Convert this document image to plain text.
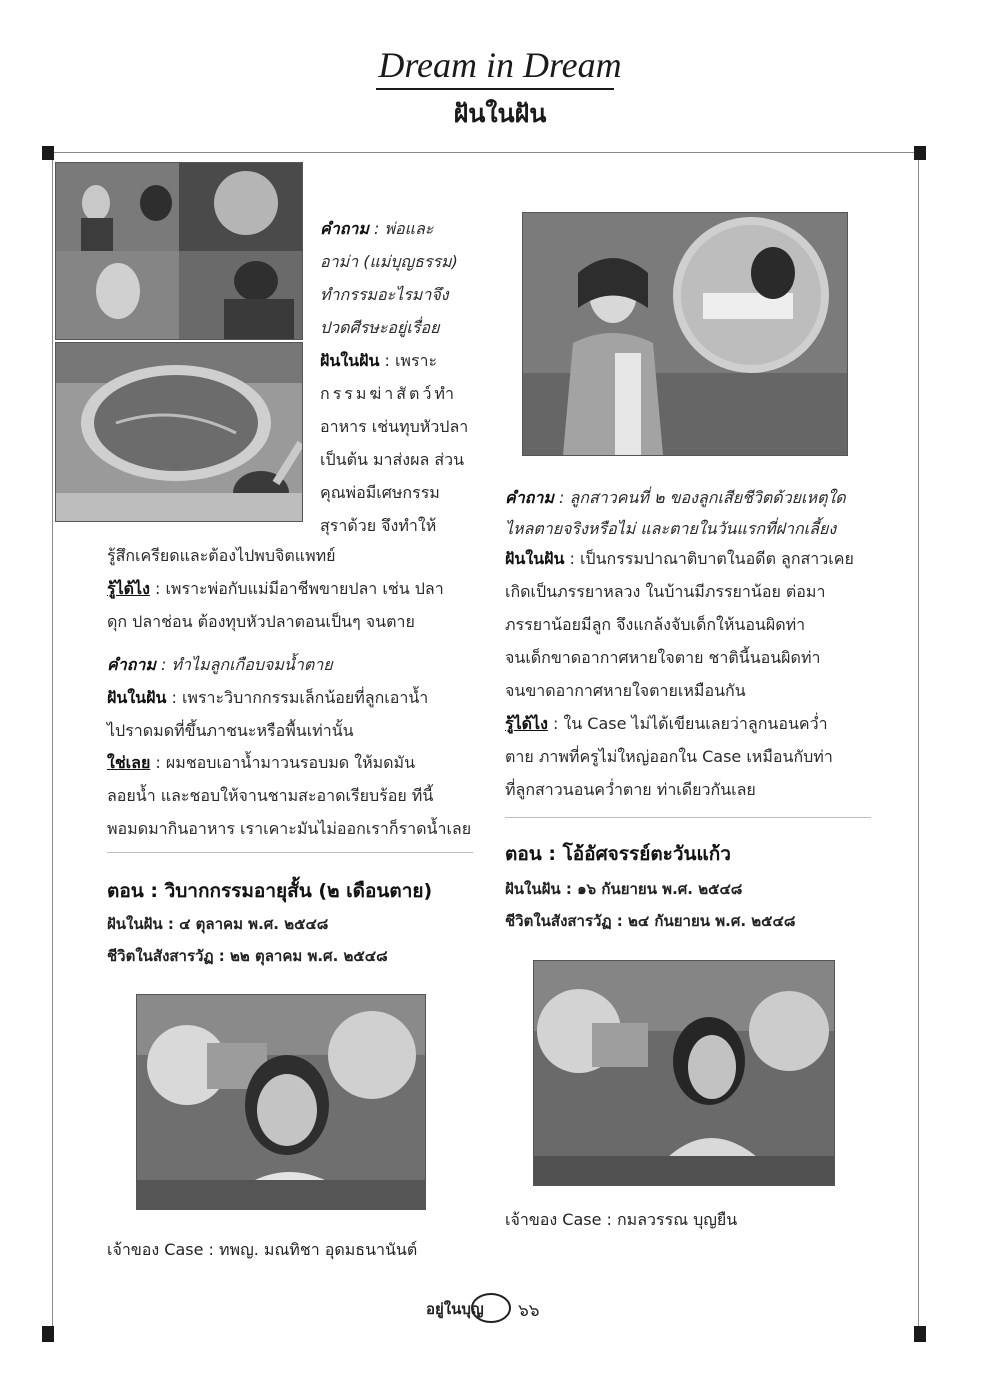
Dream in Dream
ฝันในฝัน
คำถาม : พ่อและ
อาม่า (แม่บุญธรรม)
ทำกรรมอะไรมาจึง
ปวดศีรษะอยู่เรื่อย
ฝันในฝัน : เพราะ
กรรมฆ่าสัตว์ทำ
อาหาร เช่นทุบหัวปลา
เป็นต้น มาส่งผล ส่วน
คุณพ่อมีเศษกรรม
สุราด้วย จึงทำให้
รู้สึกเครียดและต้องไปพบจิตแพทย์
รู้ได้ไง : เพราะพ่อกับแม่มีอาชีพขายปลา เช่น ปลา
ดุก ปลาช่อน ต้องทุบหัวปลาตอนเป็นๆ จนตาย
คำถาม : ทำไมลูกเกือบจมน้ำตาย
ฝันในฝัน : เพราะวิบากกรรมเล็กน้อยที่ลูกเอาน้ำ
ไปราดมดที่ขึ้นภาชนะหรือพื้นเท่านั้น
ใช่เลย : ผมชอบเอาน้ำมาวนรอบมด ให้มดมัน
ลอยน้ำ และชอบให้จานชามสะอาดเรียบร้อย ทีนี้
พอมดมากินอาหาร เราเคาะมันไม่ออกเราก็ราดน้ำเลย
ตอน : วิบากกรรมอายุสั้น (๒ เดือนตาย)
ฝันในฝัน : ๔ ตุลาคม พ.ศ. ๒๕๔๘
ชีวิตในสังสารวัฏ : ๒๒ ตุลาคม พ.ศ. ๒๕๔๘
เจ้าของ Case : ทพญ. มณทิชา อุดมธนานันต์
คำถาม : ลูกสาวคนที่ ๒ ของลูกเสียชีวิตด้วยเหตุใด
ไหลตายจริงหรือไม่ และตายในวันแรกที่ฝากเลี้ยง
ฝันในฝัน : เป็นกรรมปาณาติบาตในอดีต ลูกสาวเคย
เกิดเป็นภรรยาหลวง ในบ้านมีภรรยาน้อย ต่อมา
ภรรยาน้อยมีลูก จึงแกล้งจับเด็กให้นอนผิดท่า
จนเด็กขาดอากาศหายใจตาย ชาตินี้นอนผิดท่า
จนขาดอากาศหายใจตายเหมือนกัน
รู้ได้ไง : ใน Case ไม่ได้เขียนเลยว่าลูกนอนคว่ำ
ตาย ภาพที่ครูไม่ใหญ่ออกใน Case เหมือนกับท่า
ที่ลูกสาวนอนคว่ำตาย ท่าเดียวกันเลย
ตอน : โอ้อัศจรรย์ตะวันแก้ว
ฝันในฝัน : ๑๖ กันยายน พ.ศ. ๒๕๔๘
ชีวิตในสังสารวัฏ : ๒๔ กันยายน พ.ศ. ๒๕๔๘
เจ้าของ Case : กมลวรรณ บุญยืน
อยู่ในบุญ ๖๖
